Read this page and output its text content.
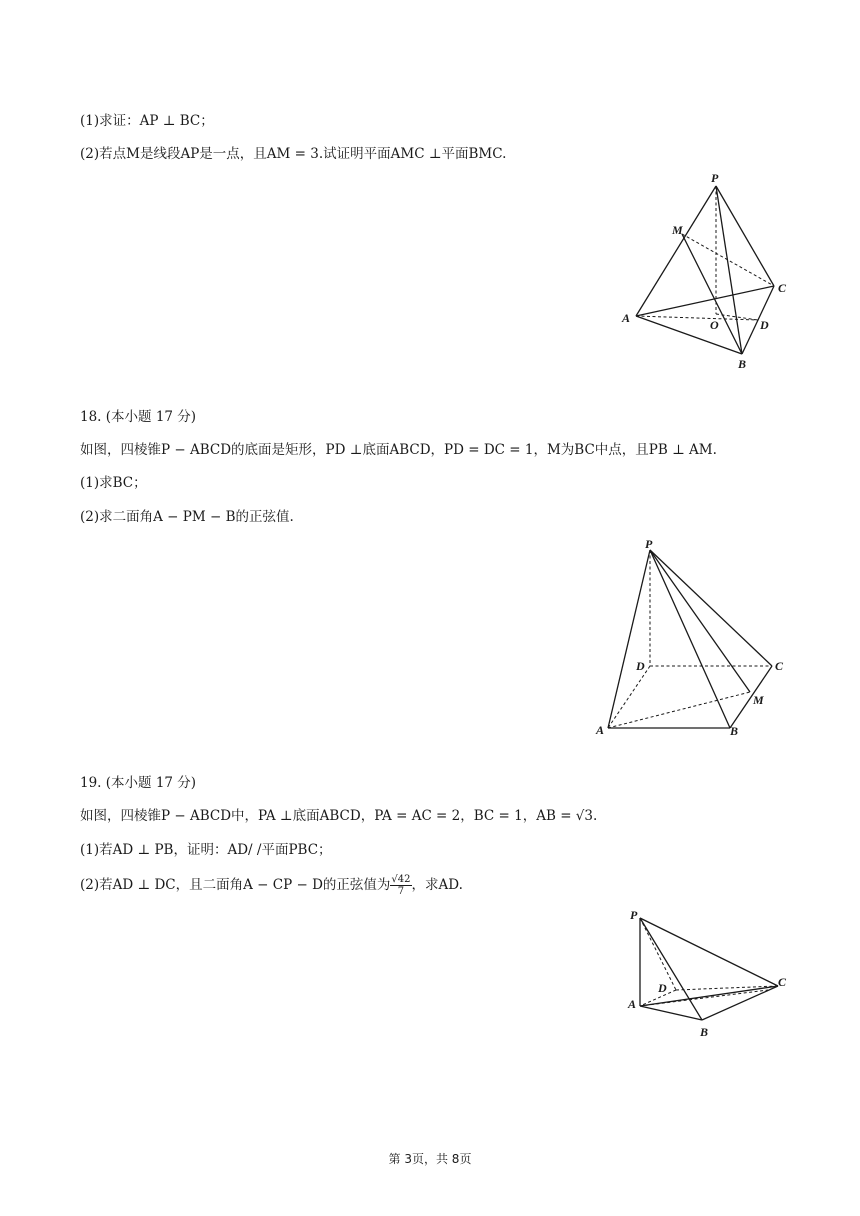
(1)求证：AP ⊥ BC；
(2)若点M是线段AP是一点，且AM = 3.试证明平面AMC ⊥平面BMC.
P
M
C
A	O	D
B
18. (本小题 17 分)
如图，四棱锥P − ABCD的底面是矩形，PD ⊥底面ABCD，PD = DC = 1，M为BC中点，且PB ⊥ AM.
(1)求BC；
(2)求二面角A − PM − B的正弦值.
P
D	C
M
A	B
19. (本小题 17 分)
如图，四棱锥P − ABCD中，PA ⊥底面ABCD，PA = AC = 2，BC = 1，AB = √3.
(1)若AD ⊥ PB，证明：AD/ /平面PBC；
(2)若AD ⊥ DC，且二面角A − CP − D的正弦值为 $\frac{√42}{7}$ ，求AD.
P
D	C
A
B
第 3页，共 8页
